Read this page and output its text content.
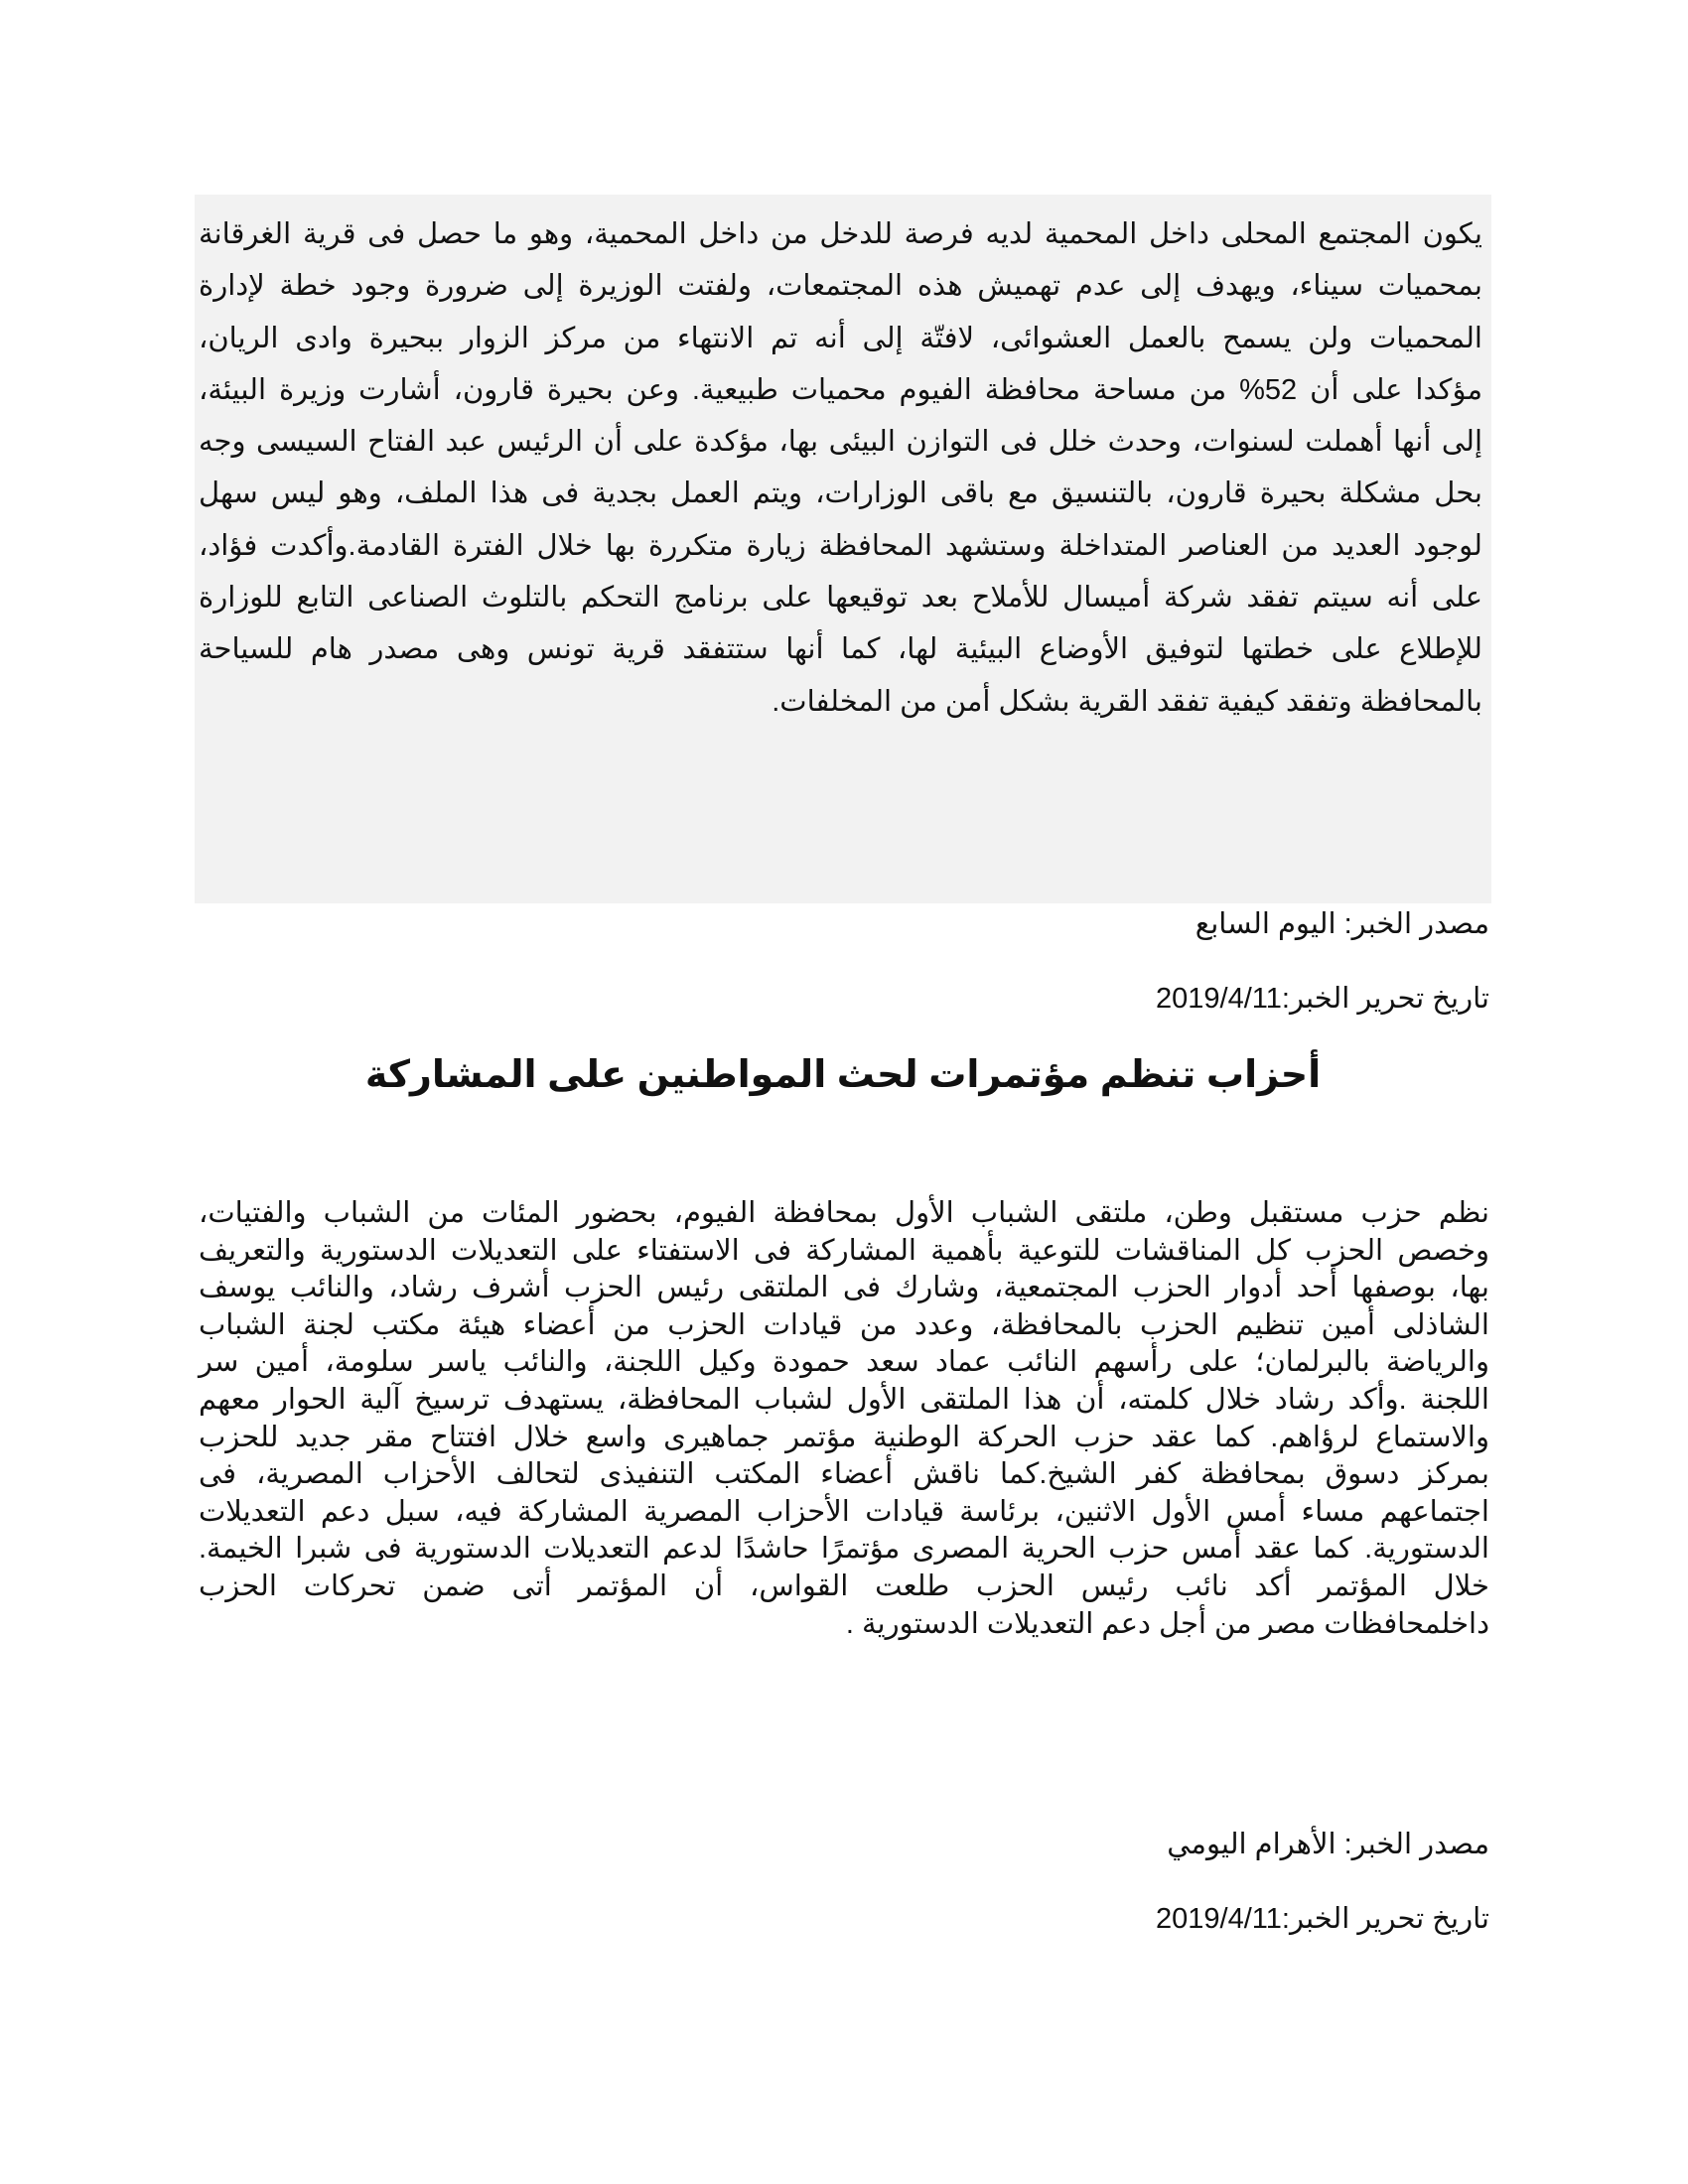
يكون المجتمع المحلى داخل المحمية لديه فرصة للدخل من داخل المحمية، وهو ما حصل فى قرية الغرقانة
بمحميات سيناء، ويهدف إلى عدم تهميش هذه المجتمعات، ولفتت الوزيرة إلى ضرورة وجود خطة لإدارة
المحميات ولن يسمح بالعمل العشوائى، لافتّة إلى أنه تم الانتهاء من مركز الزوار ببحيرة وادى الريان،
مؤكدا على أن 52% من مساحة محافظة الفيوم محميات طبيعية. وعن بحيرة قارون، أشارت وزيرة البيئة،
إلى أنها أهملت لسنوات، وحدث خلل فى التوازن البيئى بها، مؤكدة على أن الرئيس عبد الفتاح السيسى وجه
بحل مشكلة بحيرة قارون، بالتنسيق مع باقى الوزارات، ويتم العمل بجدية فى هذا الملف، وهو ليس سهل
لوجود العديد من العناصر المتداخلة وستشهد المحافظة زيارة متكررة بها خلال الفترة القادمة.وأكدت فؤاد،
على أنه سيتم تفقد شركة أميسال للأملاح بعد توقيعها على برنامج التحكم بالتلوث الصناعى التابع للوزارة
للإطلاع على خطتها لتوفيق الأوضاع البيئية لها، كما أنها ستتفقد قرية تونس وهى مصدر هام للسياحة
بالمحافظة وتفقد كيفية تفقد القرية بشكل أمن من المخلفات.

مصدر الخبر: اليوم السابع

تاريخ تحرير الخبر:2019/4/11

أحزاب تنظم مؤتمرات لحث المواطنين على المشاركة

نظم حزب مستقبل وطن، ملتقى الشباب الأول بمحافظة الفيوم، بحضور المئات من الشباب والفتيات،
وخصص الحزب كل المناقشات للتوعية بأهمية المشاركة فى الاستفتاء على التعديلات الدستورية والتعريف
بها، بوصفها أحد أدوار الحزب المجتمعية، وشارك فى الملتقى رئيس الحزب أشرف رشاد، والنائب يوسف
الشاذلى أمين تنظيم الحزب بالمحافظة، وعدد من قيادات الحزب من أعضاء هيئة مكتب لجنة الشباب
والرياضة بالبرلمان؛ على رأسهم النائب عماد سعد حمودة وكيل اللجنة، والنائب ياسر سلومة، أمين سر
اللجنة .وأكد رشاد خلال كلمته، أن هذا الملتقى الأول لشباب المحافظة، يستهدف ترسيخ آلية الحوار معهم
والاستماع لرؤاهم. كما عقد حزب الحركة الوطنية مؤتمر جماهيرى واسع خلال افتتاح مقر جديد للحزب
بمركز دسوق بمحافظة كفر الشيخ.كما ناقش أعضاء المكتب التنفيذى لتحالف الأحزاب المصرية، فى
اجتماعهم مساء أمس الأول الاثنين، برئاسة قيادات الأحزاب المصرية المشاركة فيه، سبل دعم التعديلات
الدستورية. كما عقد أمس حزب الحرية المصرى مؤتمرًا حاشدًا لدعم التعديلات الدستورية فى شبرا الخيمة.
خلال المؤتمر أكد نائب رئيس الحزب طلعت القواس، أن المؤتمر أتى ضمن تحركات الحزب
داخلمحافظات مصر من أجل دعم التعديلات الدستورية .

مصدر الخبر: الأهرام اليومي

تاريخ تحرير الخبر:2019/4/11
